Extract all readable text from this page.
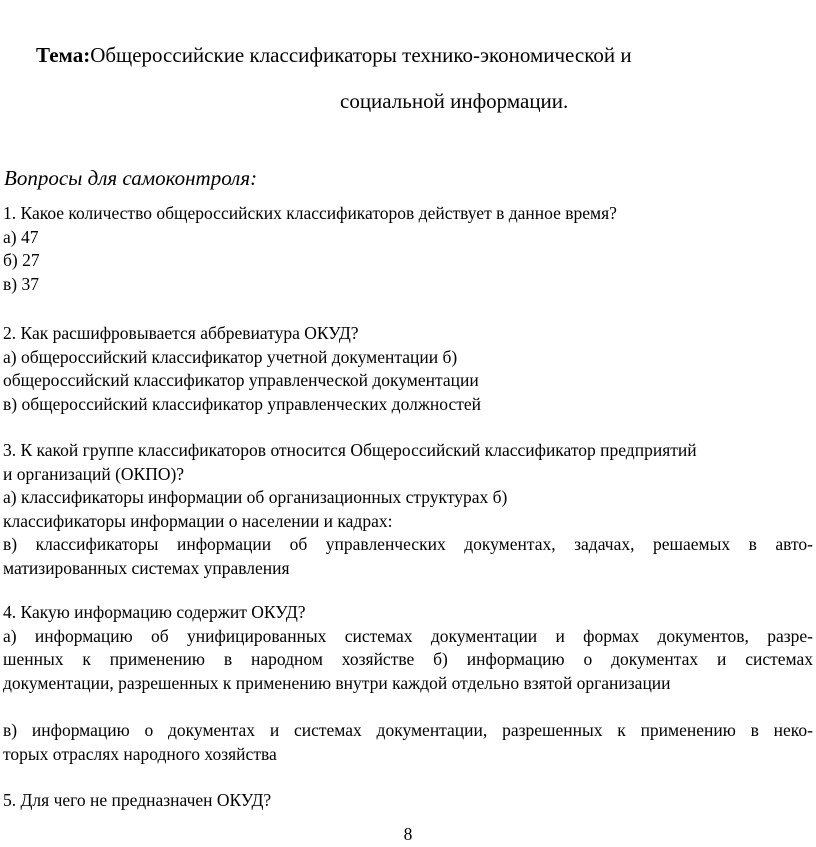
Тема:Общероссийские классификаторы технико-экономической и
социальной информации.
Вопросы для самоконтроля:
1. Какое количество общероссийских классификаторов действует в данное время?
а) 47
б) 27
в) 37
2. Как расшифровывается аббревиатура ОКУД?
а) общероссийский классификатор учетной документации б)
общероссийский классификатор управленческой документации
в) общероссийский классификатор управленческих должностей
3. К какой группе классификаторов относится Общероссийский классификатор предприятий
и организаций (ОКПО)?
а) классификаторы информации об организационных структурах б)
классификаторы информации о населении и кадрах:
в) классификаторы информации об управленческих документах, задачах, решаемых в авто-
матизированных системах управления
4. Какую информацию содержит ОКУД?
а) информацию об унифицированных системах документации и формах документов, разре-
шенных к применению в народном хозяйстве б) информацию о документах и системах
документации, разрешенных к применению внутри каждой отдельно взятой организации
в) информацию о документах и системах документации, разрешенных к применению в неко-
торых отраслях народного хозяйства
5. Для чего не предназначен ОКУД?
8
